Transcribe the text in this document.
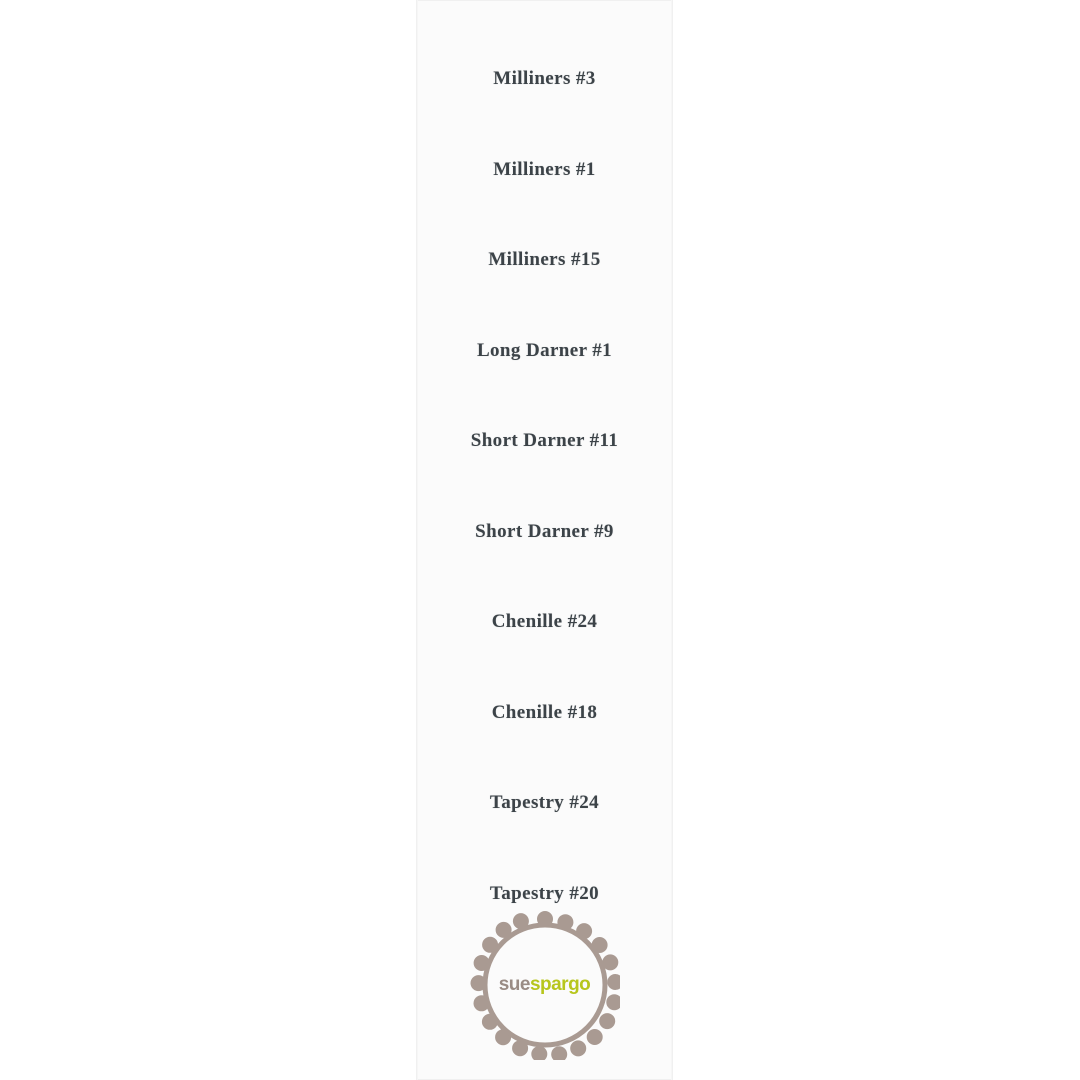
Milliners #3
Milliners #1
Milliners #15
Long Darner #1
Short Darner #11
Short Darner #9
Chenille #24
Chenille #18
Tapestry #24
Tapestry #20
sue spargo
